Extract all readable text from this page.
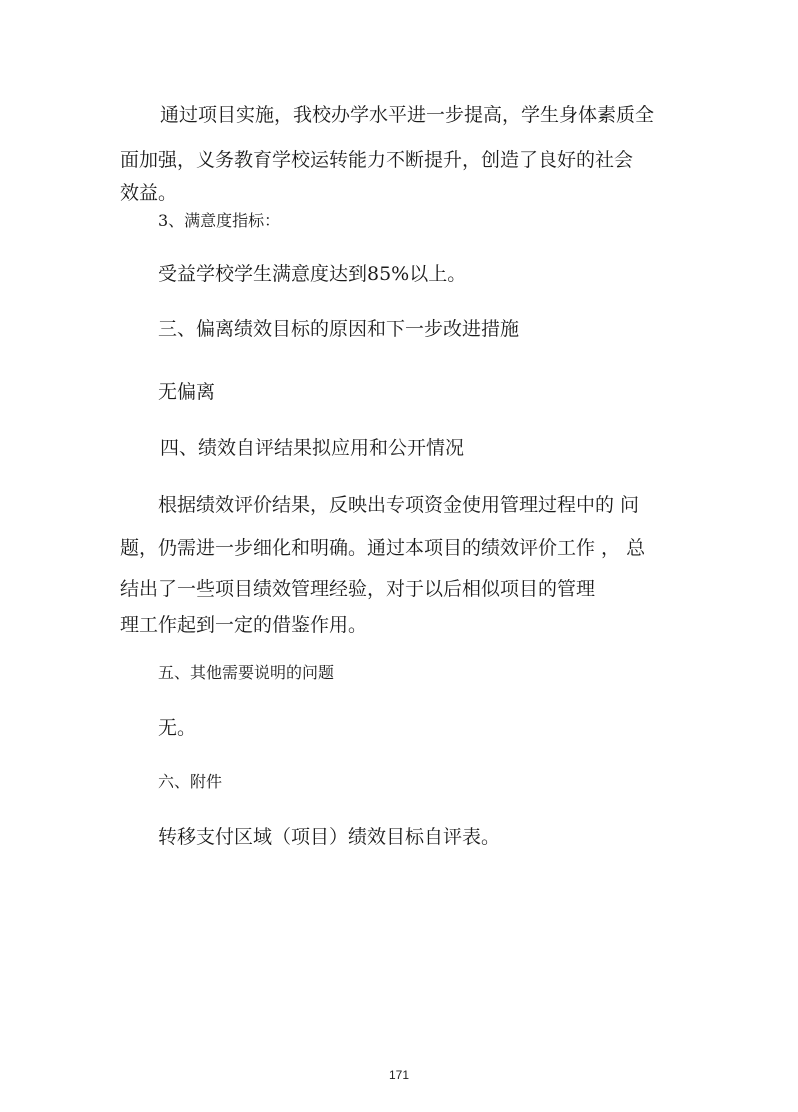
通过项目实施，我校办学水平进一步提高，学生身体素质全
面加强，义务教育学校运转能力不断提升，创造了良好的社会
效益。
3、满意度指标：
受益学校学生满意度达到85%以上。
三、偏离绩效目标的原因和下一步改进措施
无偏离
四、绩效自评结果拟应用和公开情况
根据绩效评价结果，反映出专项资金使用管理过程中的 问
题，仍需进一步细化和明确。通过本项目的绩效评价工作 ， 总
结出了一些项目绩效管理经验，对于以后相似项目的管理
理工作起到一定的借鉴作用。
五、其他需要说明的问题
无。
六、附件
转移支付区域（项目）绩效目标自评表。
171
